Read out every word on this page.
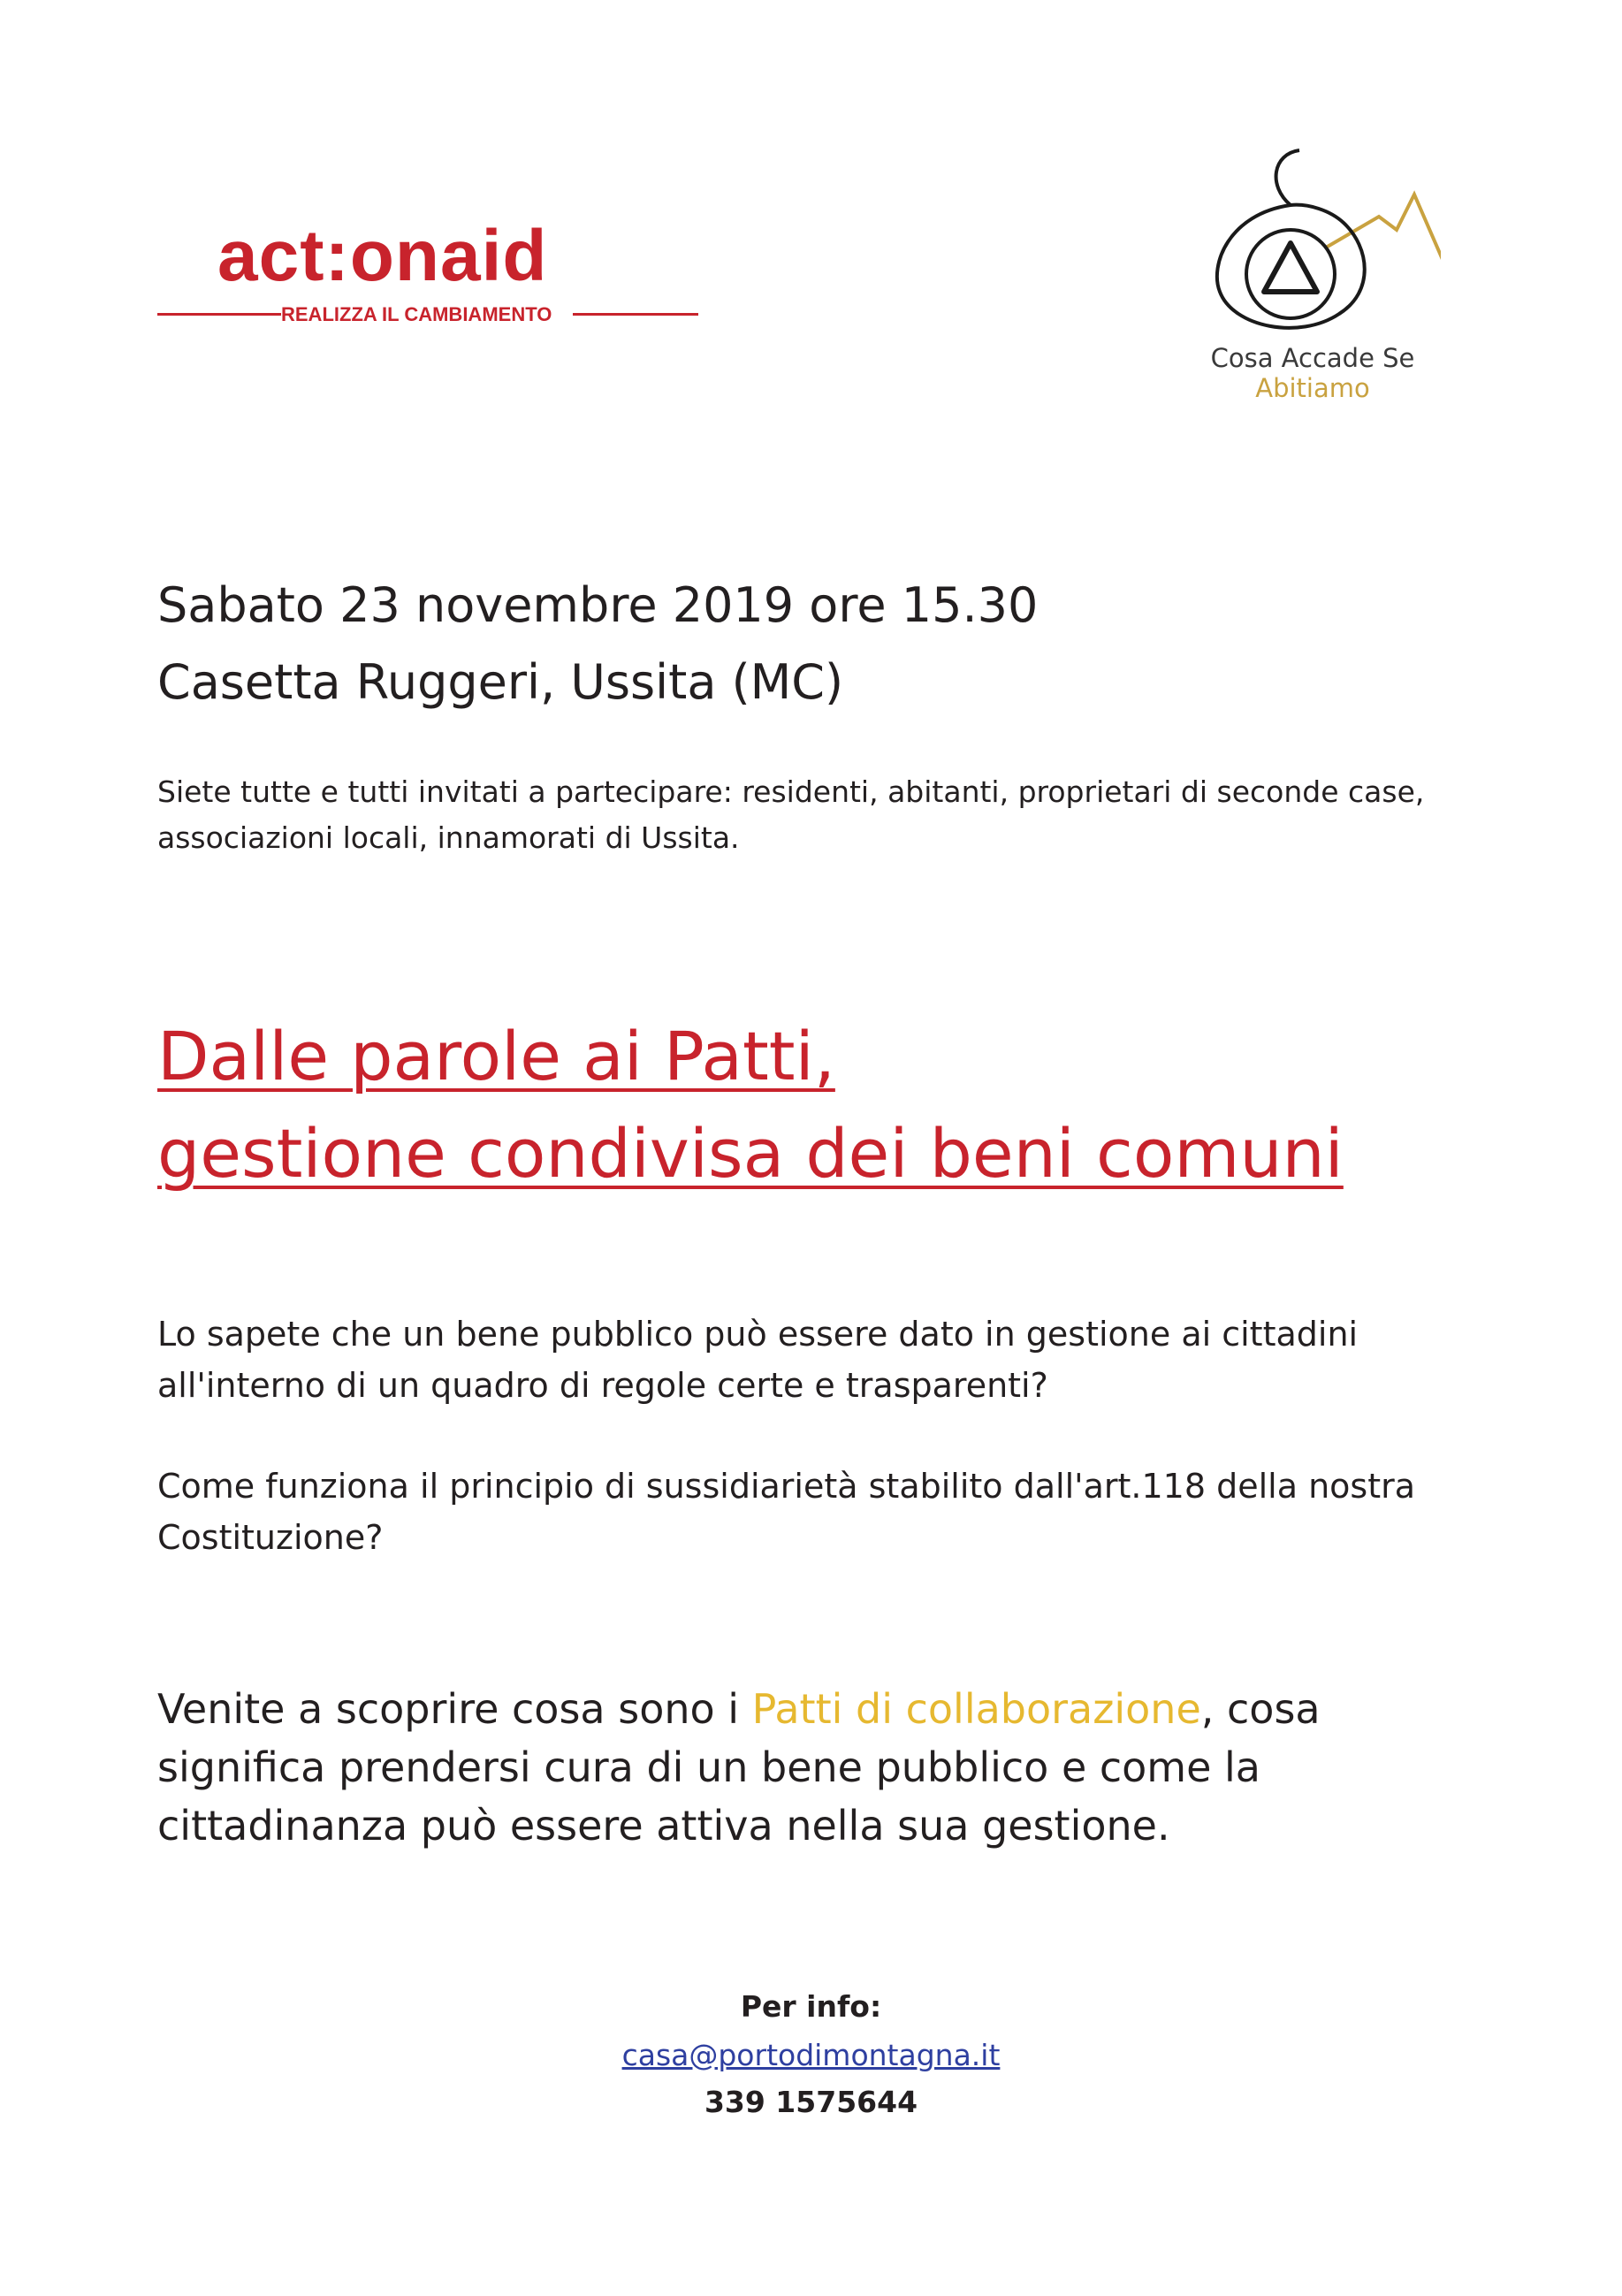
act:onaid
REALIZZA IL CAMBIAMENTO
Cosa Accade Se
Abitiamo
Sabato 23 novembre 2019 ore 15.30
Casetta Ruggeri, Ussita (MC)
Siete tutte e tutti invitati a partecipare: residenti, abitanti, proprietari di seconde case, associazioni locali, innamorati di Ussita.
Dalle parole ai Patti,
gestione condivisa dei beni comuni
Lo sapete che un bene pubblico può essere dato in gestione ai cittadini all'interno di un quadro di regole certe e trasparenti?
Come funziona il principio di sussidiarietà stabilito dall'art.118 della nostra Costituzione?
Venite a scoprire cosa sono i Patti di collaborazione, cosa significa prendersi cura di un bene pubblico e come la cittadinanza può essere attiva nella sua gestione.
Per info:
casa@portodimontagna.it
339 1575644
